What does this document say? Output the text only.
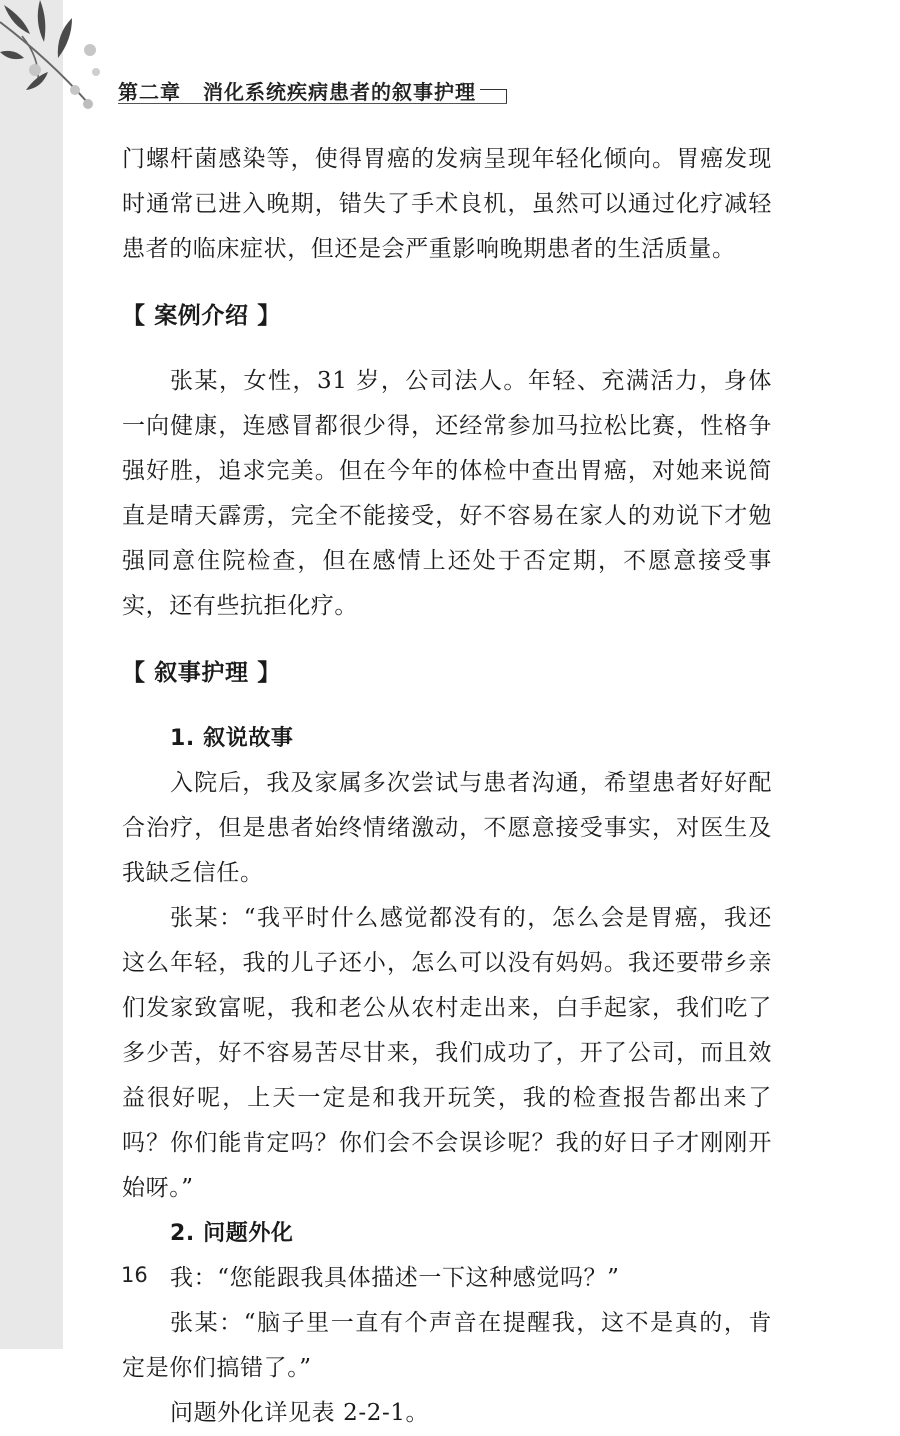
第二章 消化系统疾病患者的叙事护理

门螺杆菌感染等，使得胃癌的发病呈现年轻化倾向。胃癌发现时通常已进入晚期，错失了手术良机，虽然可以通过化疗减轻患者的临床症状，但还是会严重影响晚期患者的生活质量。

【 案例介绍 】

张某，女性，31 岁，公司法人。年轻、充满活力，身体一向健康，连感冒都很少得，还经常参加马拉松比赛，性格争强好胜，追求完美。但在今年的体检中查出胃癌，对她来说简直是晴天霹雳，完全不能接受，好不容易在家人的劝说下才勉强同意住院检查，但在感情上还处于否定期，不愿意接受事实，还有些抗拒化疗。

【 叙事护理 】

1. 叙说故事

入院后，我及家属多次尝试与患者沟通，希望患者好好配合治疗，但是患者始终情绪激动，不愿意接受事实，对医生及我缺乏信任。

张某：“我平时什么感觉都没有的，怎么会是胃癌，我还这么年轻，我的儿子还小，怎么可以没有妈妈。我还要带乡亲们发家致富呢，我和老公从农村走出来，白手起家，我们吃了多少苦，好不容易苦尽甘来，我们成功了，开了公司，而且效益很好呢，上天一定是和我开玩笑，我的检查报告都出来了吗？你们能肯定吗？你们会不会误诊呢？我的好日子才刚刚开始呀。”

2. 问题外化

我：“您能跟我具体描述一下这种感觉吗？”

张某：“脑子里一直有个声音在提醒我，这不是真的，肯定是你们搞错了。”

问题外化详见表 2-2-1。

16
